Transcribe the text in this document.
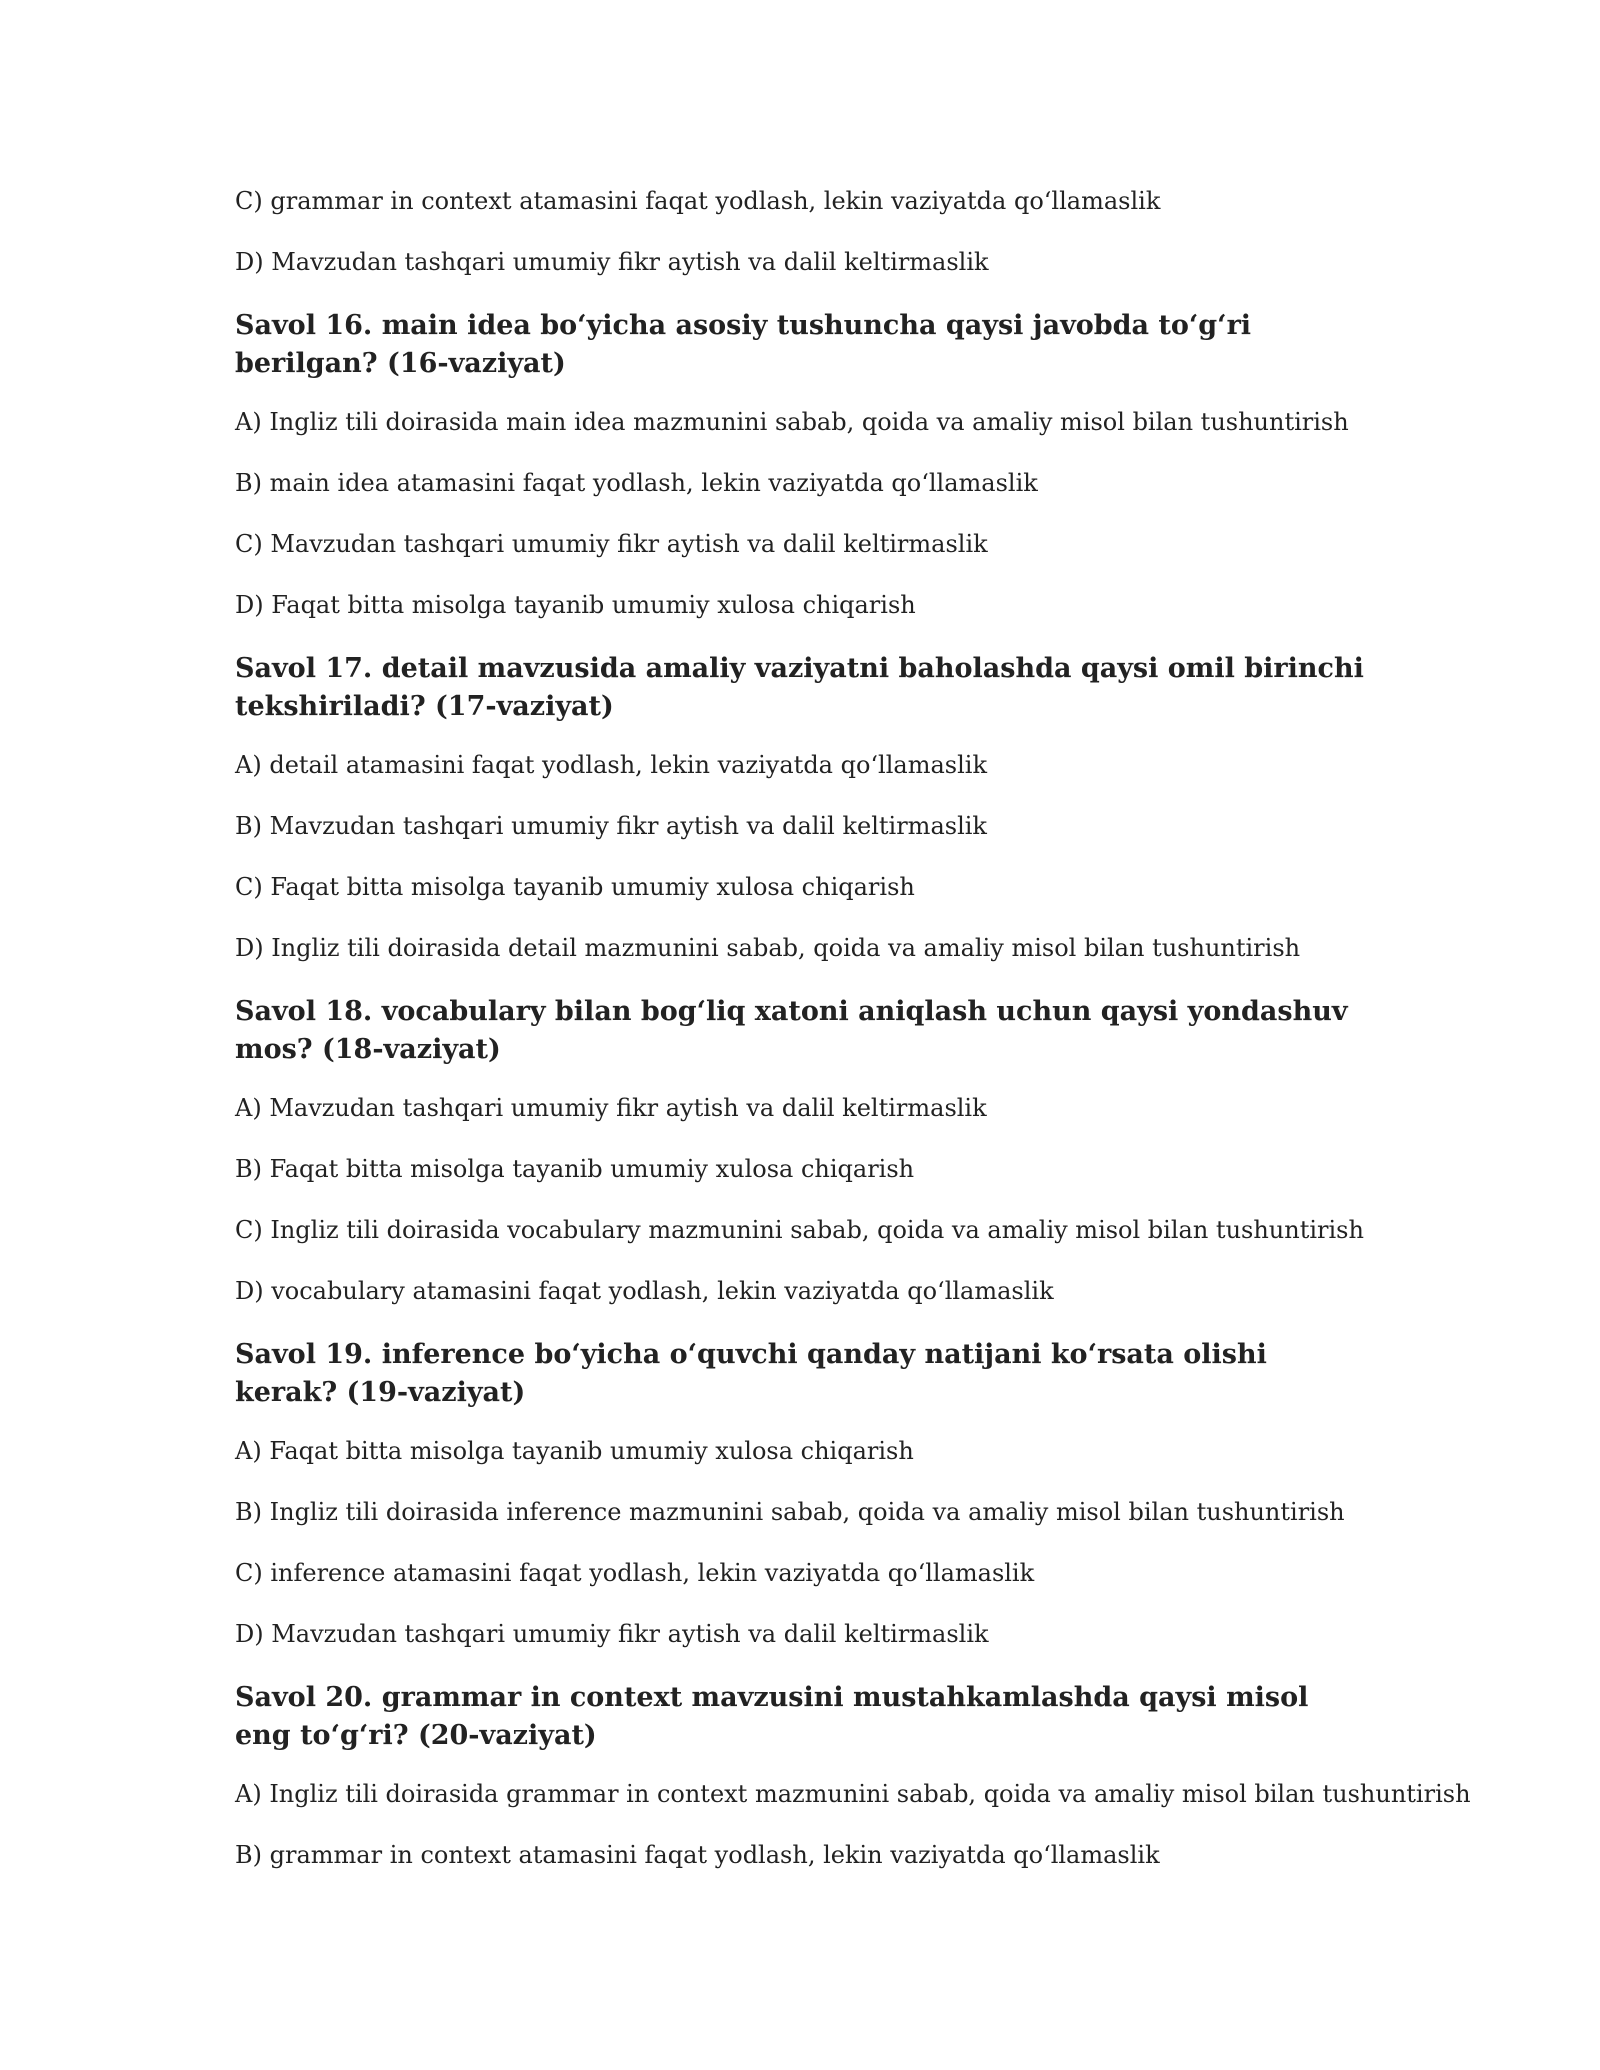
C) grammar in context atamasini faqat yodlash, lekin vaziyatda qo‘llamaslik

D) Mavzudan tashqari umumiy fikr aytish va dalil keltirmaslik

Savol 16. main idea bo‘yicha asosiy tushuncha qaysi javobda to‘g‘ri berilgan? (16-vaziyat)

A) Ingliz tili doirasida main idea mazmunini sabab, qoida va amaliy misol bilan tushuntirish

B) main idea atamasini faqat yodlash, lekin vaziyatda qo‘llamaslik

C) Mavzudan tashqari umumiy fikr aytish va dalil keltirmaslik

D) Faqat bitta misolga tayanib umumiy xulosa chiqarish

Savol 17. detail mavzusida amaliy vaziyatni baholashda qaysi omil birinchi tekshiriladi? (17-vaziyat)

A) detail atamasini faqat yodlash, lekin vaziyatda qo‘llamaslik

B) Mavzudan tashqari umumiy fikr aytish va dalil keltirmaslik

C) Faqat bitta misolga tayanib umumiy xulosa chiqarish

D) Ingliz tili doirasida detail mazmunini sabab, qoida va amaliy misol bilan tushuntirish

Savol 18. vocabulary bilan bog‘liq xatoni aniqlash uchun qaysi yondashuv mos? (18-vaziyat)

A) Mavzudan tashqari umumiy fikr aytish va dalil keltirmaslik

B) Faqat bitta misolga tayanib umumiy xulosa chiqarish

C) Ingliz tili doirasida vocabulary mazmunini sabab, qoida va amaliy misol bilan tushuntirish

D) vocabulary atamasini faqat yodlash, lekin vaziyatda qo‘llamaslik

Savol 19. inference bo‘yicha o‘quvchi qanday natijani ko‘rsata olishi kerak? (19-vaziyat)

A) Faqat bitta misolga tayanib umumiy xulosa chiqarish

B) Ingliz tili doirasida inference mazmunini sabab, qoida va amaliy misol bilan tushuntirish

C) inference atamasini faqat yodlash, lekin vaziyatda qo‘llamaslik

D) Mavzudan tashqari umumiy fikr aytish va dalil keltirmaslik

Savol 20. grammar in context mavzusini mustahkamlashda qaysi misol eng to‘g‘ri? (20-vaziyat)

A) Ingliz tili doirasida grammar in context mazmunini sabab, qoida va amaliy misol bilan tushuntirish

B) grammar in context atamasini faqat yodlash, lekin vaziyatda qo‘llamaslik
